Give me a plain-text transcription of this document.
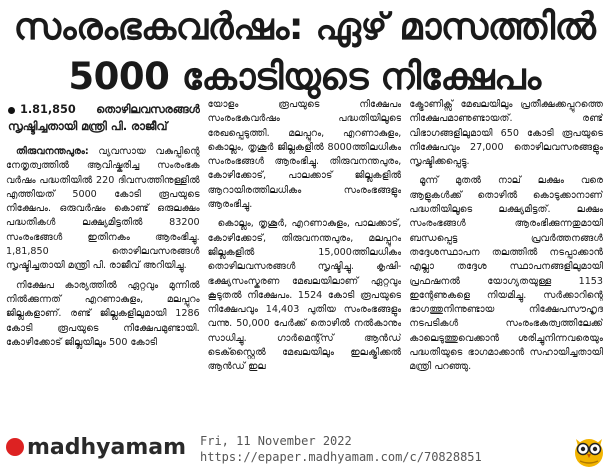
സംരംഭകവർഷം: ഏഴ് മാസത്തിൽ
5000 കോടിയുടെ നിക്ഷേപം
1.81,850 തൊഴിലവസരങ്ങൾ സൃഷ്ടിച്ചതായി മന്ത്രി പി. രാജീവ്

തിരുവനന്തപുരം: വ്യവസായ വകുപ്പിന്റെ നേതൃത്വത്തിൽ ആവിഷ്കരിച്ച സംരംഭക വർഷം പദ്ധതിയിൽ 220 ദിവസത്തിനുള്ളിൽ എത്തിയത് 5000 കോടി രൂപയുടെ നിക്ഷേപം. ഒരുവർഷം കൊണ്ട് ഒരുലക്ഷം പദ്ധതികൾ ലക്ഷ്യമിട്ടതിൽ 83200 സംരംഭങ്ങൾ ഇതിനകം ആരംഭിച്ചു. 1,81,850 തൊഴിലവസരങ്ങൾ സൃഷ്ടിച്ചതായി മന്ത്രി പി. രാജീവ് അറിയിച്ചു.

നിക്ഷേപ കാര്യത്തിൽ ഏറ്റവും മുന്നിൽ നിൽക്കുന്നത് എറണാകുളം, മലപ്പുറം ജില്ലകളാണ്. രണ്ട് ജില്ലകളിലുമായി 1286 കോടി രൂപയുടെ നിക്ഷേപമുണ്ടായി. കോഴിക്കോട് ജില്ലയിലും 500 കോടി

യോളം രൂപയുടെ നിക്ഷേപം സംരംഭകവർഷം പദ്ധതിയിലൂടെ രേഖപ്പെടുത്തി. മലപ്പുറം, എറണാകുളം, കൊല്ലം, തൃശൂർ ജില്ലകളിൽ 8000ത്തിലധികം സംരംഭങ്ങൾ ആരംഭിച്ചു. തിരുവനന്തപുരം, കോഴിക്കോട്, പാലക്കാട് ജില്ലകളിൽ ആറായിരത്തിലധികം സംരംഭങ്ങളും ആരംഭിച്ചു.

കൊല്ലം, തൃശൂർ, എറണാകുളം, പാലക്കാട്, കോഴിക്കോട്, തിരുവനന്തപുരം, മലപ്പുറം ജില്ലകളിൽ 15,000ത്തിലധികം തൊഴിലവസരങ്ങൾ സൃഷ്ടിച്ചു. കൃഷി-ഭക്ഷ്യസംസ്കരണ മേഖലയിലാണ് ഏറ്റവും കൂടുതൽ നിക്ഷേപം. 1524 കോടി രൂപയുടെ നിക്ഷേപവും 14,403 പുതിയ സംരംഭങ്ങളും വന്നു. 50,000 പേർക്ക് തൊഴിൽ നൽകാനും സാധിച്ചു. ഗാർമെന്റ്സ് ആൻഡ് ടെക്സ്റ്റൈൽ മേഖലയിലും ഇലക്ട്രിക്കൽ ആൻഡ് ഇല

ക്ട്രോണിക്സ് മേഖലയിലും പ്രതീക്ഷക്കപ്പുറത്തെ നിക്ഷേപമാണുണ്ടായത്. രണ്ട് വിഭാഗങ്ങളിലുമായി 650 കോടി രൂപയുടെ നിക്ഷേപവും 27,000 തൊഴിലവസരങ്ങളും സൃഷ്ടിക്കപ്പെട്ടു.

മൂന്ന് മുതൽ നാല് ലക്ഷം വരെ ആളുകൾക്ക് തൊഴിൽ കൊടുക്കാനാണ് പദ്ധതിയിലൂടെ ലക്ഷ്യമിട്ടത്. ലക്ഷം സംരംഭങ്ങൾ ആരംഭിക്കുന്നതുമായി ബന്ധപ്പെട്ട പ്രവർത്തനങ്ങൾ തദ്ദേശസ്ഥാപന തലത്തിൽ നടപ്പാക്കാൻ എല്ലാ തദ്ദേശ സ്ഥാപനങ്ങളിലുമായി പ്രഫഷനൽ യോഗ്യതയുള്ള 1153 ഇന്റേണുകളെ നിയമിച്ചു. സർക്കാറിന്റെ ഭാഗത്തുനിന്നുണ്ടായ നിക്ഷേപസൗഹൃദ നടപടികൾ സംരംഭകത്വത്തിലേക്ക് കാലെടുത്തുവെക്കാൻ ശരിച്ചുനിന്നവരെയും പദ്ധതിയുടെ ഭാഗമാക്കാൻ സഹായിച്ചതായി മന്ത്രി പറഞ്ഞു.

madhyamam Fri, 11 November 2022
https://epaper.madhyamam.com/c/70828851
